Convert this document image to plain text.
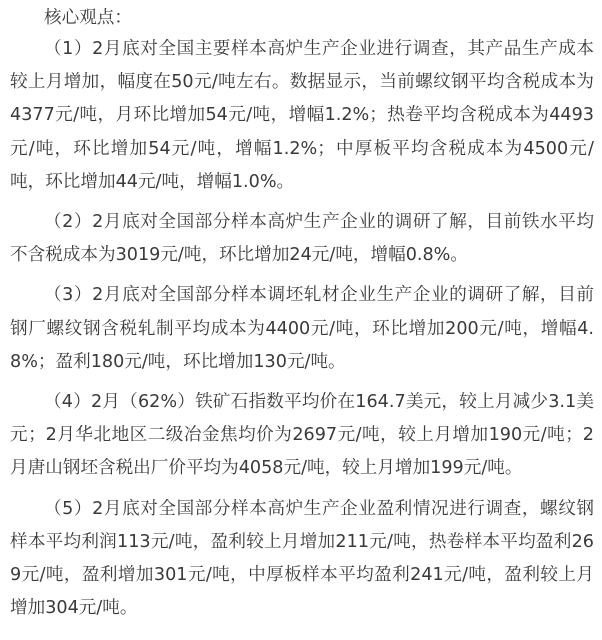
核心观点：

（1）2月底对全国主要样本高炉生产企业进行调查，其产品生产成本较上月增加，幅度在50元/吨左右。数据显示，当前螺纹钢平均含税成本为4377元/吨，月环比增加54元/吨，增幅1.2%；热卷平均含税成本为4493元/吨，环比增加54元/吨，增幅1.2%；中厚板平均含税成本为4500元/吨，环比增加44元/吨，增幅1.0%。

（2）2月底对全国部分样本高炉生产企业的调研了解，目前铁水平均不含税成本为3019元/吨，环比增加24元/吨，增幅0.8%。

（3）2月底对全国部分样本调坯轧材企业生产企业的调研了解，目前钢厂螺纹钢含税轧制平均成本为4400元/吨，环比增加200元/吨，增幅4.8%；盈利180元/吨，环比增加130元/吨。

（4）2月（62%）铁矿石指数平均价在164.7美元，较上月减少3.1美元；2月华北地区二级冶金焦均价为2697元/吨，较上月增加190元/吨；2月唐山钢坯含税出厂价平均为4058元/吨，较上月增加199元/吨。

（5）2月底对全国部分样本高炉生产企业盈利情况进行调查，螺纹钢样本平均利润113元/吨，盈利较上月增加211元/吨，热卷样本平均盈利269元/吨，盈利增加301元/吨，中厚板样本平均盈利241元/吨，盈利较上月增加304元/吨。
